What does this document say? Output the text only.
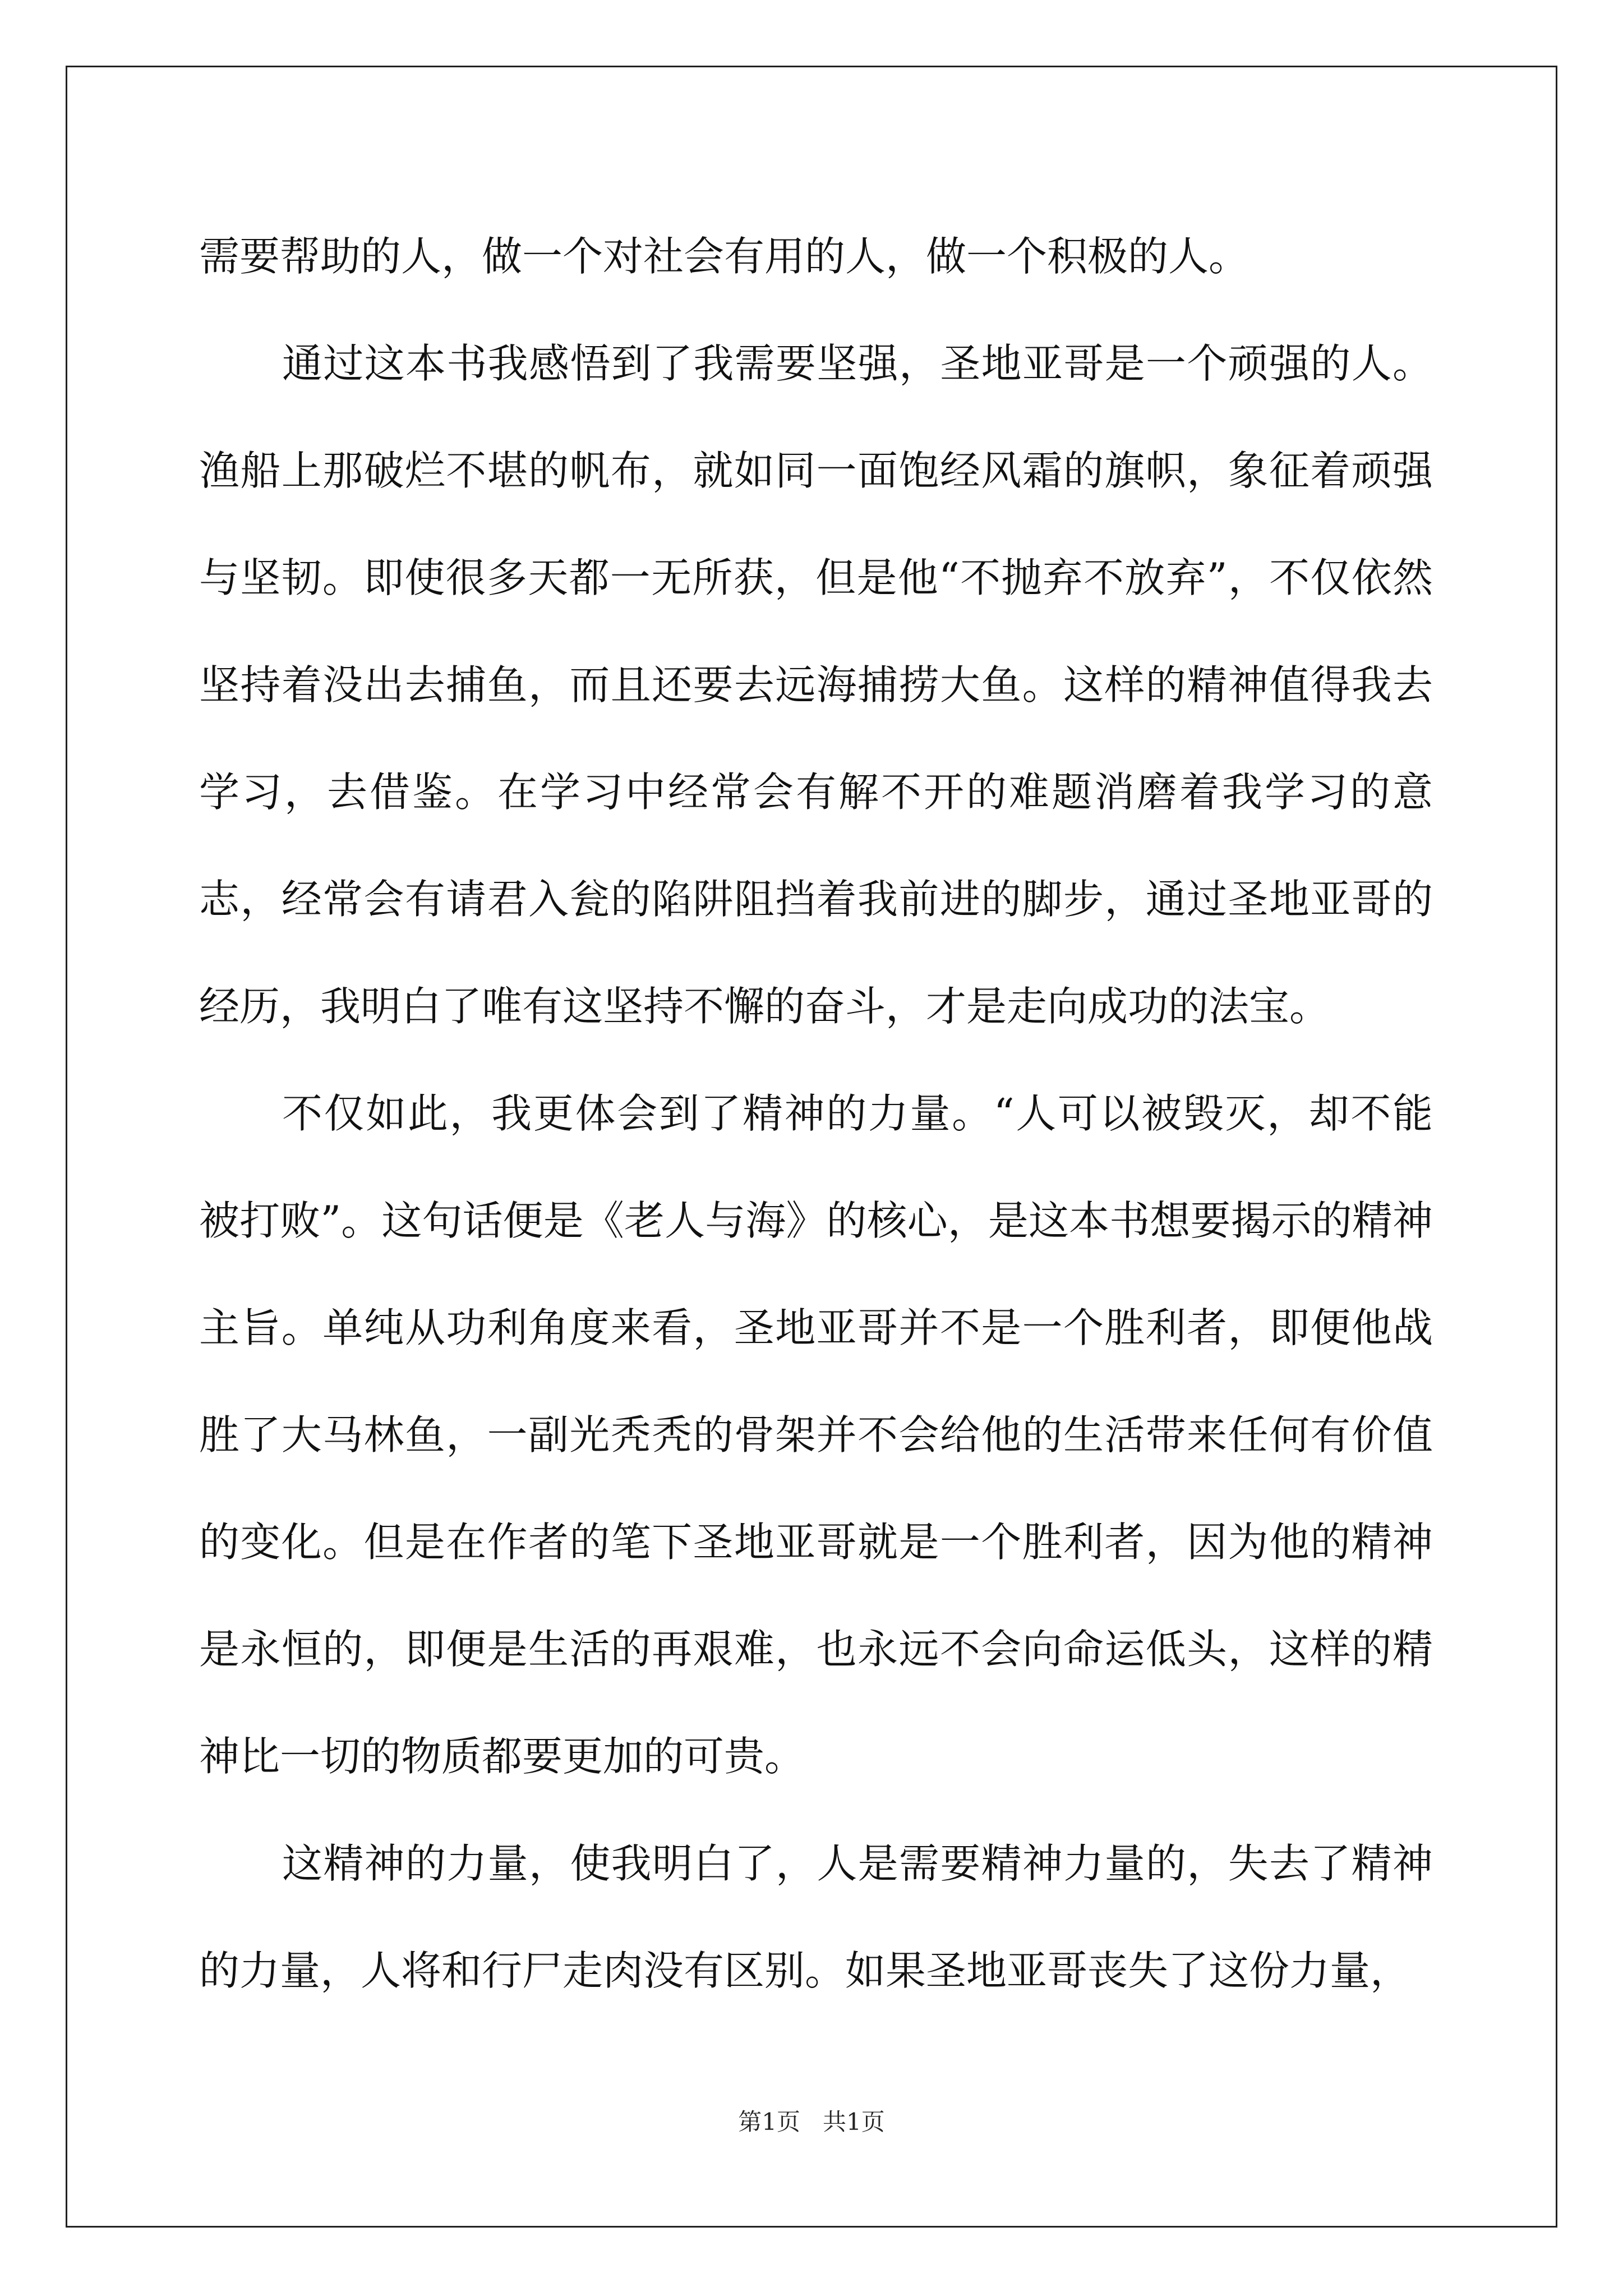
需要帮助的人，做一个对社会有用的人，做一个积极的人。

通过这本书我感悟到了我需要坚强，圣地亚哥是一个顽强的人。渔船上那破烂不堪的帆布，就如同一面饱经风霜的旗帜，象征着顽强与坚韧。即使很多天都一无所获，但是他“不抛弃不放弃”，不仅依然坚持着没出去捕鱼，而且还要去远海捕捞大鱼。这样的精神值得我去学习，去借鉴。在学习中经常会有解不开的难题消磨着我学习的意志，经常会有请君入瓮的陷阱阻挡着我前进的脚步，通过圣地亚哥的经历，我明白了唯有这坚持不懈的奋斗，才是走向成功的法宝。

不仅如此，我更体会到了精神的力量。“人可以被毁灭，却不能被打败”。这句话便是《老人与海》的核心，是这本书想要揭示的精神主旨。单纯从功利角度来看，圣地亚哥并不是一个胜利者，即便他战胜了大马林鱼，一副光秃秃的骨架并不会给他的生活带来任何有价值的变化。但是在作者的笔下圣地亚哥就是一个胜利者，因为他的精神是永恒的，即便是生活的再艰难，也永远不会向命运低头，这样的精神比一切的物质都要更加的可贵。

这精神的力量，使我明白了，人是需要精神力量的，失去了精神的力量，人将和行尸走肉没有区别。如果圣地亚哥丧失了这份力量，

第1页   共1页
